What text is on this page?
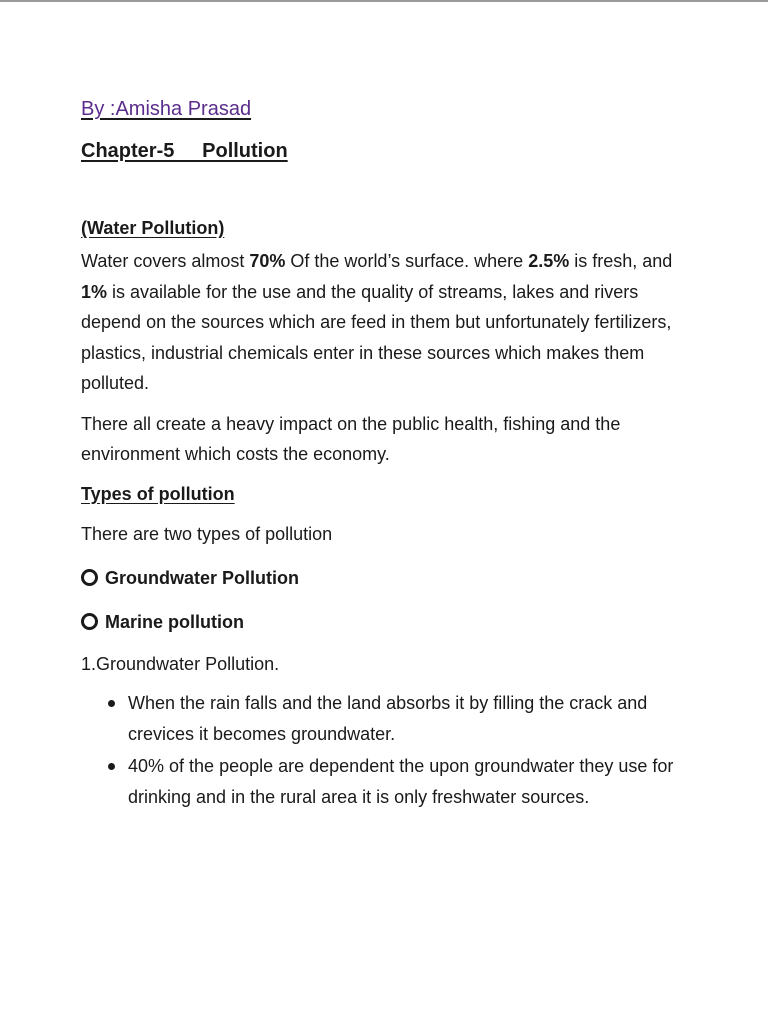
By :Amisha Prasad

Chapter-5     Pollution
(Water Pollution)

Water covers almost 70% Of the world’s surface. where 2.5% is fresh, and 1% is available for the use and the quality of streams, lakes and rivers depend on the sources which are feed in them but unfortunately fertilizers, plastics, industrial chemicals enter in these sources which makes them polluted.

There all create a heavy impact on the public health, fishing and the environment which costs the economy.

Types of pollution
There are two types of pollution
Groundwater Pollution
Marine pollution
1.Groundwater Pollution.
When the rain falls and the land absorbs it by filling the crack and crevices it becomes groundwater.
40% of the people are dependent the upon groundwater they use for drinking and in the rural area it is only freshwater sources.
